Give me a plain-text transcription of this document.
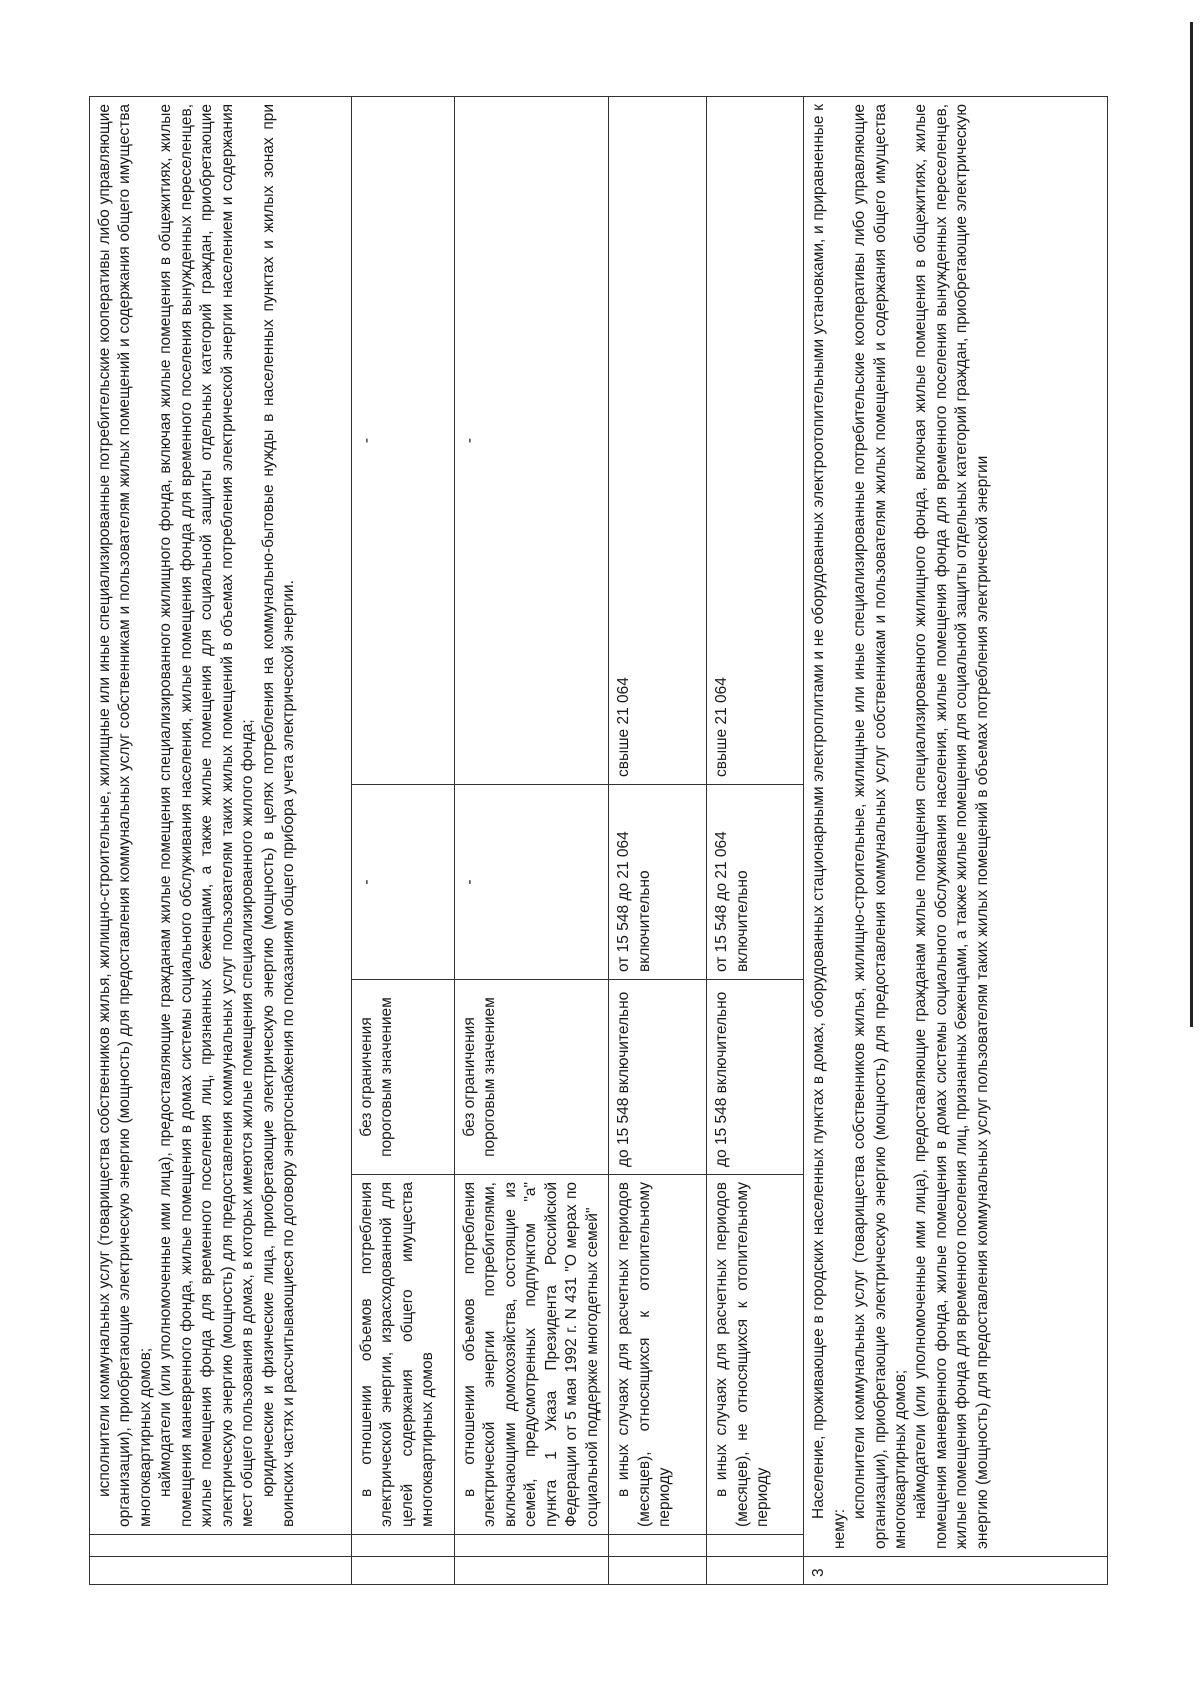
		исполнители коммунальных услуг (товарищества собственников жилья, жилищно-строительные, жилищные или иные специализированные потребительские кооперативы либо управляющие организации), приобретающие электрическую энергию (мощность) для предоставления коммунальных услуг собственникам и пользователям жилых помещений и содержания общего имущества многоквартирных домов; наймодатели (или уполномоченные ими лица), предоставляющие гражданам жилые помещения специализированного жилищного фонда, включая жилые помещения в общежитиях, жилые помещения маневренного фонда, жилые помещения в домах системы социального обслуживания населения, жилые помещения фонда для временного поселения вынужденных переселенцев, жилые помещения фонда для временного поселения лиц, признанных беженцами, а также жилые помещения для социальной защиты отдельных категорий граждан, приобретающие электрическую энергию (мощность) для предоставления коммунальных услуг пользователям таких жилых помещений в объемах потребления электрической энергии населением и содержания мест общего пользования в домах, в которых имеются жилые помещения специализированного жилого фонда; юридические и физические лица, приобретающие электрическую энергию (мощность) в целях потребления на коммунально-бытовые нужды в населенных пунктах и жилых зонах при воинских частях и рассчитывающиеся по договору энергоснабжения по показаниям общего прибора учета электрической энергии.			

		в отношении объемов потребления электрической энергии, израсходованной для целей содержания общего имущества многоквартирных домов	без ограничения пороговым значением	-	-

		в отношении объемов потребления электрической энергии потребителями, включающими домохозяйства, состоящие из семей, предусмотренных подпунктом "а" пункта 1 Указа Президента Российской Федерации от 5 мая 1992 г. N 431 "О мерах по социальной поддержке многодетных семей"	без ограничения пороговым значением	-	-

		в иных случаях для расчетных периодов (месяцев), относящихся к отопительному периоду	до 15 548 включительно	от 15 548 до 21 064 включительно	свыше 21 064

		в иных случаях для расчетных периодов (месяцев), не относящихся к отопительному периоду	до 15 548 включительно	от 15 548 до 21 064 включительно	свыше 21 064
3	Население, проживающее в городских населенных пунктах в домах, оборудованных стационарными электроплитами и не оборудованных электроотопительными установками, и приравненные к нему:

исполнители коммунальных услуг (товарищества собственников жилья, жилищно-строительные, жилищные или иные специализированные потребительские кооперативы либо управляющие организации), приобретающие электрическую энергию (мощность) для предоставления коммунальных услуг собственникам и пользователям жилых помещений и содержания общего имущества многоквартирных домов; наймодатели (или уполномоченные ими лица), предоставляющие гражданам жилые помещения специализированного жилищного фонда, включая жилые помещения в общежитиях, жилые помещения маневренного фонда, жилые помещения в домах системы социального обслуживания населения, жилые помещения фонда для временного поселения вынужденных переселенцев, жилые помещения фонда для временного поселения лиц, признанных беженцами, а также жилые помещения для социальной защиты отдельных категорий граждан, приобретающие электрическую энергию (мощность) для предоставления коммунальных услуг пользователям таких жилых помещений в объемах потребления электрической энергии				
